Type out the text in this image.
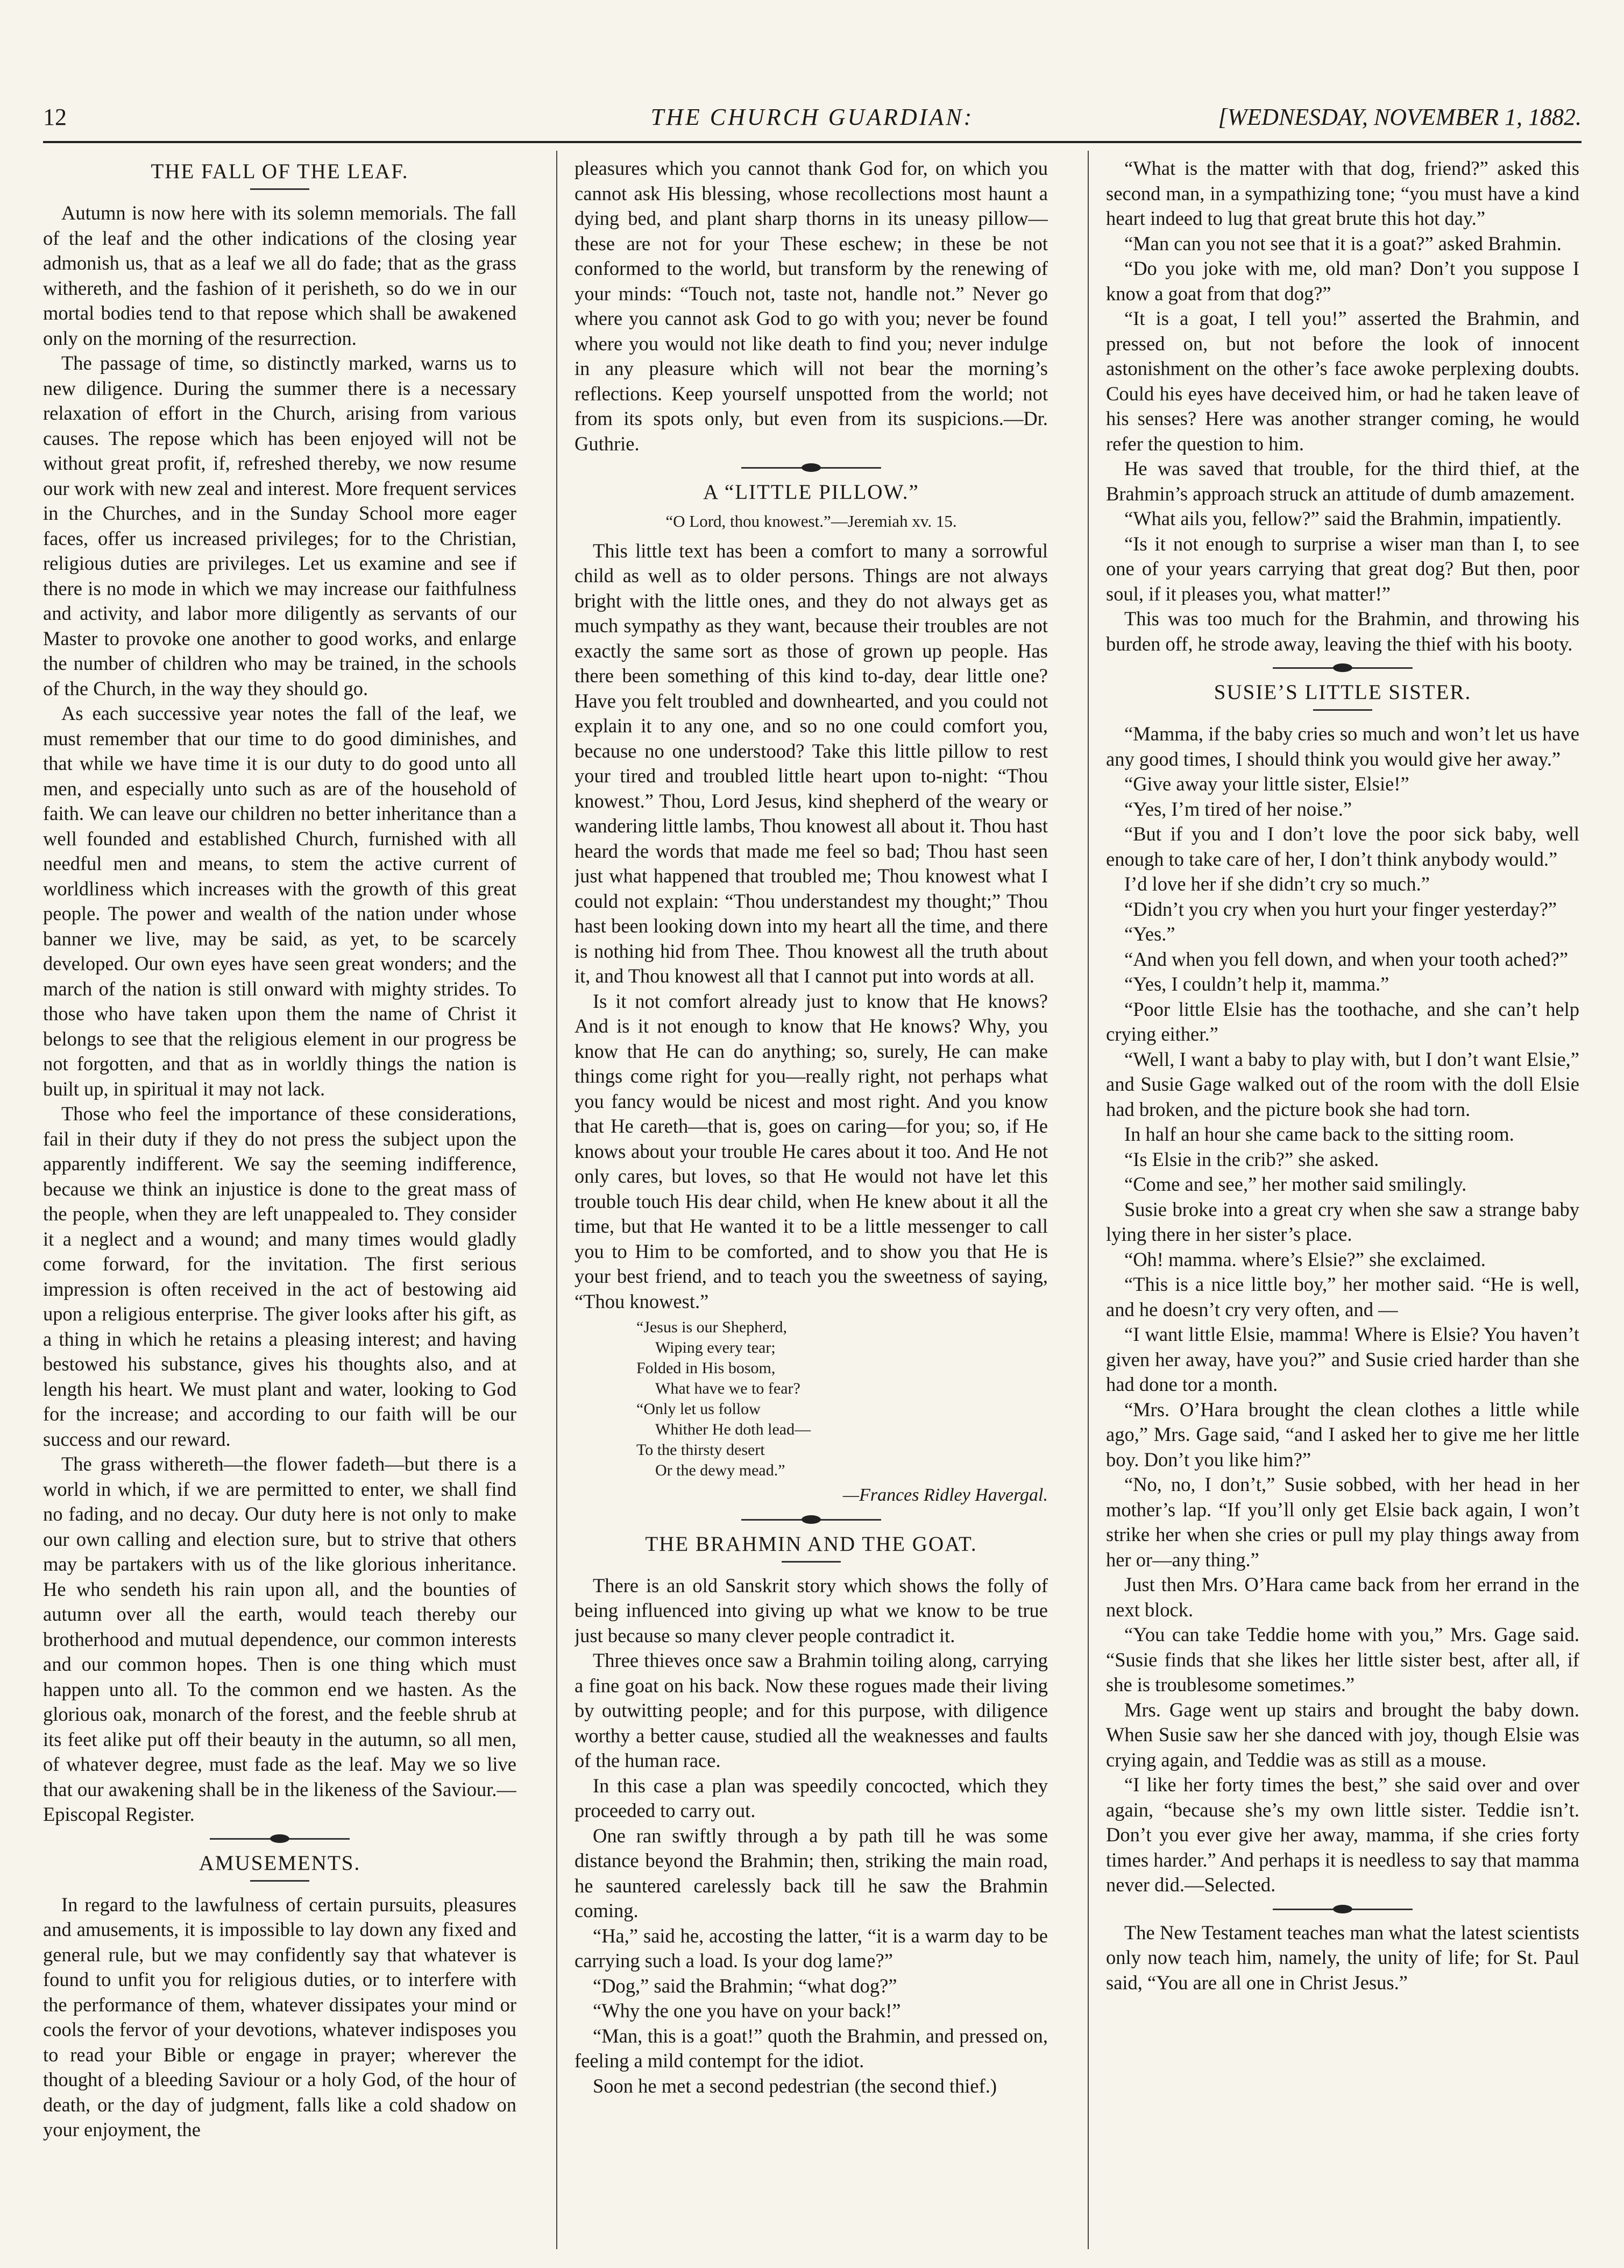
12	THE CHURCH GUARDIAN:	[WEDNESDAY, NOVEMBER 1, 1882.
THE FALL OF THE LEAF.

Autumn is now here with its solemn memorials. The fall of the leaf and the other indications of the closing year admonish us, that as a leaf we all do fade; that as the grass withereth, and the fashion of it perisheth, so do we in our mortal bodies tend to that repose which shall be awakened only on the morning of the resurrection.

The passage of time, so distinctly marked, warns us to new diligence. During the summer there is a necessary relaxation of effort in the Church, arising from various causes. The repose which has been enjoyed will not be without great profit, if, refreshed thereby, we now resume our work with new zeal and interest. More frequent services in the Churches, and in the Sunday School more eager faces, offer us increased privileges; for to the Christian, religious duties are privileges. Let us examine and see if there is no mode in which we may increase our faithfulness and activity, and labor more diligently as servants of our Master to provoke one another to good works, and enlarge the number of children who may be trained, in the schools of the Church, in the way they should go.

As each successive year notes the fall of the leaf, we must remember that our time to do good diminishes, and that while we have time it is our duty to do good unto all men, and especially unto such as are of the household of faith. We can leave our children no better inheritance than a well founded and established Church, furnished with all needful men and means, to stem the active current of worldliness which increases with the growth of this great people. The power and wealth of the nation under whose banner we live, may be said, as yet, to be scarcely developed. Our own eyes have seen great wonders; and the march of the nation is still onward with mighty strides. To those who have taken upon them the name of Christ it belongs to see that the religious element in our progress be not forgotten, and that as in worldly things the nation is built up, in spiritual it may not lack.

Those who feel the importance of these considerations, fail in their duty if they do not press the subject upon the apparently indifferent. We say the seeming indifference, because we think an injustice is done to the great mass of the people, when they are left unappealed to. They consider it a neglect and a wound; and many times would gladly come forward, for the invitation. The first serious impression is often received in the act of bestowing aid upon a religious enterprise. The giver looks after his gift, as a thing in which he retains a pleasing interest; and having bestowed his substance, gives his thoughts also, and at length his heart. We must plant and water, looking to God for the increase; and according to our faith will be our success and our reward.

The grass withereth—the flower fadeth—but there is a world in which, if we are permitted to enter, we shall find no fading, and no decay. Our duty here is not only to make our own calling and election sure, but to strive that others may be partakers with us of the like glorious inheritance. He who sendeth his rain upon all, and the bounties of autumn over all the earth, would teach thereby our brotherhood and mutual dependence, our common interests and our common hopes. Then is one thing which must happen unto all. To the common end we hasten. As the glorious oak, monarch of the forest, and the feeble shrub at its feet alike put off their beauty in the autumn, so all men, of whatever degree, must fade as the leaf. May we so live that our awakening shall be in the likeness of the Saviour.—Episcopal Register.

AMUSEMENTS.

In regard to the lawfulness of certain pursuits, pleasures and amusements, it is impossible to lay down any fixed and general rule, but we may confidently say that whatever is found to unfit you for religious duties, or to interfere with the performance of them, whatever dissipates your mind or cools the fervor of your devotions, whatever indisposes you to read your Bible or engage in prayer; wherever the thought of a bleeding Saviour or a holy God, of the hour of death, or the day of judgment, falls like a cold shadow on your enjoyment, the

pleasures which you cannot thank God for, on which you cannot ask His blessing, whose recollections most haunt a dying bed, and plant sharp thorns in its uneasy pillow—these are not for your These eschew; in these be not conformed to the world, but transform by the renewing of your minds: “Touch not, taste not, handle not.” Never go where you cannot ask God to go with you; never be found where you would not like death to find you; never indulge in any pleasure which will not bear the morning’s reflections. Keep yourself unspotted from the world; not from its spots only, but even from its suspicions.—Dr. Guthrie.

A “LITTLE PILLOW.”
“O Lord, thou knowest.”—Jeremiah xv. 15.

This little text has been a comfort to many a sorrowful child as well as to older persons. Things are not always bright with the little ones, and they do not always get as much sympathy as they want, because their troubles are not exactly the same sort as those of grown up people. Has there been something of this kind to-day, dear little one? Have you felt troubled and downhearted, and you could not explain it to any one, and so no one could comfort you, because no one understood? Take this little pillow to rest your tired and troubled little heart upon to-night: “Thou knowest.” Thou, Lord Jesus, kind shepherd of the weary or wandering little lambs, Thou knowest all about it. Thou hast heard the words that made me feel so bad; Thou hast seen just what happened that troubled me; Thou knowest what I could not explain: “Thou understandest my thought;” Thou hast been looking down into my heart all the time, and there is nothing hid from Thee. Thou knowest all the truth about it, and Thou knowest all that I cannot put into words at all.

Is it not comfort already just to know that He knows? And is it not enough to know that He knows? Why, you know that He can do anything; so, surely, He can make things come right for you—really right, not perhaps what you fancy would be nicest and most right. And you know that He careth—that is, goes on caring—for you; so, if He knows about your trouble He cares about it too. And He not only cares, but loves, so that He would not have let this trouble touch His dear child, when He knew about it all the time, but that He wanted it to be a little messenger to call you to Him to be comforted, and to show you that He is your best friend, and to teach you the sweetness of saying, “Thou knowest.”

“Jesus is our Shepherd,
Wiping every tear;
Folded in His bosom,
What have we to fear?
“Only let us follow
Whither He doth lead—
To the thirsty desert
Or the dewy mead.”
—Frances Ridley Havergal.
THE BRAHMIN AND THE GOAT.

There is an old Sanskrit story which shows the folly of being influenced into giving up what we know to be true just because so many clever people contradict it.

Three thieves once saw a Brahmin toiling along, carrying a fine goat on his back. Now these rogues made their living by outwitting people; and for this purpose, with diligence worthy a better cause, studied all the weaknesses and faults of the human race.

In this case a plan was speedily concocted, which they proceeded to carry out.

One ran swiftly through a by path till he was some distance beyond the Brahmin; then, striking the main road, he sauntered carelessly back till he saw the Brahmin coming.

“Ha,” said he, accosting the latter, “it is a warm day to be carrying such a load. Is your dog lame?”

“Dog,” said the Brahmin; “what dog?”

“Why the one you have on your back!”

“Man, this is a goat!” quoth the Brahmin, and pressed on, feeling a mild contempt for the idiot.

Soon he met a second pedestrian (the second thief.)

“What is the matter with that dog, friend?” asked this second man, in a sympathizing tone; “you must have a kind heart indeed to lug that great brute this hot day.”

“Man can you not see that it is a goat?” asked Brahmin.

“Do you joke with me, old man? Don’t you suppose I know a goat from that dog?”

“It is a goat, I tell you!” asserted the Brahmin, and pressed on, but not before the look of innocent astonishment on the other’s face awoke perplexing doubts. Could his eyes have deceived him, or had he taken leave of his senses? Here was another stranger coming, he would refer the question to him.

He was saved that trouble, for the third thief, at the Brahmin’s approach struck an attitude of dumb amazement.

“What ails you, fellow?” said the Brahmin, impatiently.

“Is it not enough to surprise a wiser man than I, to see one of your years carrying that great dog? But then, poor soul, if it pleases you, what matter!”

This was too much for the Brahmin, and throwing his burden off, he strode away, leaving the thief with his booty.

SUSIE’S LITTLE SISTER.

“Mamma, if the baby cries so much and won’t let us have any good times, I should think you would give her away.”

“Give away your little sister, Elsie!”

“Yes, I’m tired of her noise.”

“But if you and I don’t love the poor sick baby, well enough to take care of her, I don’t think anybody would.”

I’d love her if she didn’t cry so much.”

“Didn’t you cry when you hurt your finger yesterday?”

“Yes.”

“And when you fell down, and when your tooth ached?”

“Yes, I couldn’t help it, mamma.”

“Poor little Elsie has the toothache, and she can’t help crying either.”

“Well, I want a baby to play with, but I don’t want Elsie,” and Susie Gage walked out of the room with the doll Elsie had broken, and the picture book she had torn.

In half an hour she came back to the sitting room.

“Is Elsie in the crib?” she asked.

“Come and see,” her mother said smilingly.

Susie broke into a great cry when she saw a strange baby lying there in her sister’s place.

“Oh! mamma. where’s Elsie?” she exclaimed.

“This is a nice little boy,” her mother said. “He is well, and he doesn’t cry very often, and —

“I want little Elsie, mamma! Where is Elsie? You haven’t given her away, have you?” and Susie cried harder than she had done tor a month.

“Mrs. O’Hara brought the clean clothes a little while ago,” Mrs. Gage said, “and I asked her to give me her little boy. Don’t you like him?”

“No, no, I don’t,” Susie sobbed, with her head in her mother’s lap. “If you’ll only get Elsie back again, I won’t strike her when she cries or pull my play things away from her or—any thing.”

Just then Mrs. O’Hara came back from her errand in the next block.

“You can take Teddie home with you,” Mrs. Gage said. “Susie finds that she likes her little sister best, after all, if she is troublesome sometimes.”

Mrs. Gage went up stairs and brought the baby down. When Susie saw her she danced with joy, though Elsie was crying again, and Teddie was as still as a mouse.

“I like her forty times the best,” she said over and over again, “because she’s my own little sister. Teddie isn’t. Don’t you ever give her away, mamma, if she cries forty times harder.” And perhaps it is needless to say that mamma never did.—Selected.

The New Testament teaches man what the latest scientists only now teach him, namely, the unity of life; for St. Paul said, “You are all one in Christ Jesus.”
